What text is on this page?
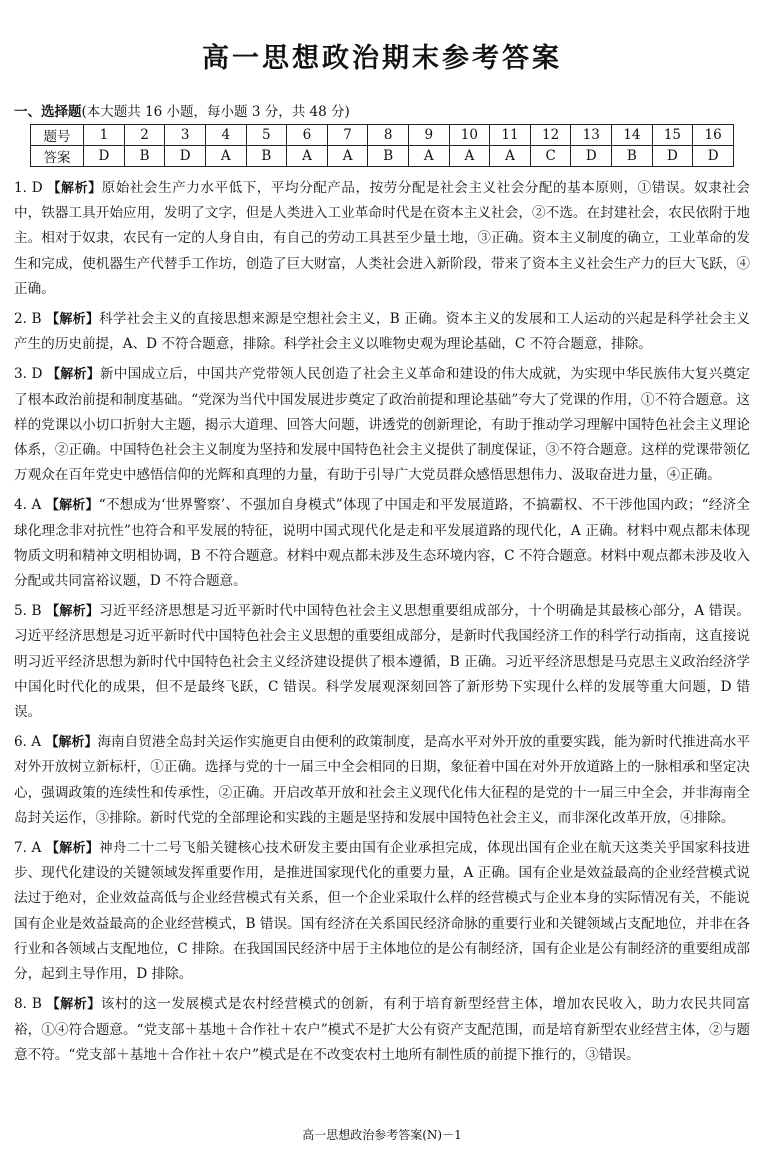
高一思想政治期末参考答案
一、选择题(本大题共 16 小题，每小题 3 分，共 48 分)
题号	1	2	3	4	5	6	7	8	9	10	11	12	13	14	15	16
答案	D	B	D	A	B	A	A	B	A	A	A	C	D	B	D	D

1. D 【解析】原始社会生产力水平低下，平均分配产品，按劳分配是社会主义社会分配的基本原则，①错误。奴隶社会中，铁器工具开始应用，发明了文字，但是人类进入工业革命时代是在资本主义社会，②不选。在封建社会，农民依附于地主。相对于奴隶，农民有一定的人身自由，有自己的劳动工具甚至少量土地，③正确。资本主义制度的确立，工业革命的发生和完成，使机器生产代替手工作坊，创造了巨大财富，人类社会进入新阶段，带来了资本主义社会生产力的巨大飞跃，④正确。

2. B 【解析】科学社会主义的直接思想来源是空想社会主义，B 正确。资本主义的发展和工人运动的兴起是科学社会主义产生的历史前提，A、D 不符合题意，排除。科学社会主义以唯物史观为理论基础，C 不符合题意，排除。

3. D 【解析】新中国成立后，中国共产党带领人民创造了社会主义革命和建设的伟大成就，为实现中华民族伟大复兴奠定了根本政治前提和制度基础。“党深为当代中国发展进步奠定了政治前提和理论基础”夸大了党课的作用，①不符合题意。这样的党课以小切口折射大主题，揭示大道理、回答大问题，讲透党的创新理论，有助于推动学习理解中国特色社会主义理论体系，②正确。中国特色社会主义制度为坚持和发展中国特色社会主义提供了制度保证，③不符合题意。这样的党课带领亿万观众在百年党史中感悟信仰的光辉和真理的力量，有助于引导广大党员群众感悟思想伟力、汲取奋进力量，④正确。

4. A 【解析】“不想成为‘世界警察’、不强加自身模式”体现了中国走和平发展道路，不搞霸权、不干涉他国内政；“经济全球化理念非对抗性”也符合和平发展的特征，说明中国式现代化是走和平发展道路的现代化，A 正确。材料中观点都未体现物质文明和精神文明相协调，B 不符合题意。材料中观点都未涉及生态环境内容，C 不符合题意。材料中观点都未涉及收入分配或共同富裕议题，D 不符合题意。

5. B 【解析】习近平经济思想是习近平新时代中国特色社会主义思想重要组成部分，十个明确是其最核心部分，A 错误。习近平经济思想是习近平新时代中国特色社会主义思想的重要组成部分，是新时代我国经济工作的科学行动指南，这直接说明习近平经济思想为新时代中国特色社会主义经济建设提供了根本遵循，B 正确。习近平经济思想是马克思主义政治经济学中国化时代化的成果，但不是最终飞跃，C 错误。科学发展观深刻回答了新形势下实现什么样的发展等重大问题，D 错误。

6. A 【解析】海南自贸港全岛封关运作实施更自由便利的政策制度，是高水平对外开放的重要实践，能为新时代推进高水平对外开放树立新标杆，①正确。选择与党的十一届三中全会相同的日期，象征着中国在对外开放道路上的一脉相承和坚定决心，强调政策的连续性和传承性，②正确。开启改革开放和社会主义现代化伟大征程的是党的十一届三中全会，并非海南全岛封关运作，③排除。新时代党的全部理论和实践的主题是坚持和发展中国特色社会主义，而非深化改革开放，④排除。

7. A 【解析】神舟二十二号飞船关键核心技术研发主要由国有企业承担完成，体现出国有企业在航天这类关乎国家科技进步、现代化建设的关键领域发挥重要作用，是推进国家现代化的重要力量，A 正确。国有企业是效益最高的企业经营模式说法过于绝对，企业效益高低与企业经营模式有关系，但一个企业采取什么样的经营模式与企业本身的实际情况有关，不能说国有企业是效益最高的企业经营模式，B 错误。国有经济在关系国民经济命脉的重要行业和关键领域占支配地位，并非在各行业和各领域占支配地位，C 排除。在我国国民经济中居于主体地位的是公有制经济，国有企业是公有制经济的重要组成部分，起到主导作用，D 排除。

8. B 【解析】该村的这一发展模式是农村经营模式的创新，有利于培育新型经营主体，增加农民收入，助力农民共同富裕，①④符合题意。“党支部＋基地＋合作社＋农户”模式不是扩大公有资产支配范围，而是培育新型农业经营主体，②与题意不符。“党支部＋基地＋合作社＋农户”模式是在不改变农村土地所有制性质的前提下推行的，③错误。

高一思想政治参考答案(N)－1
